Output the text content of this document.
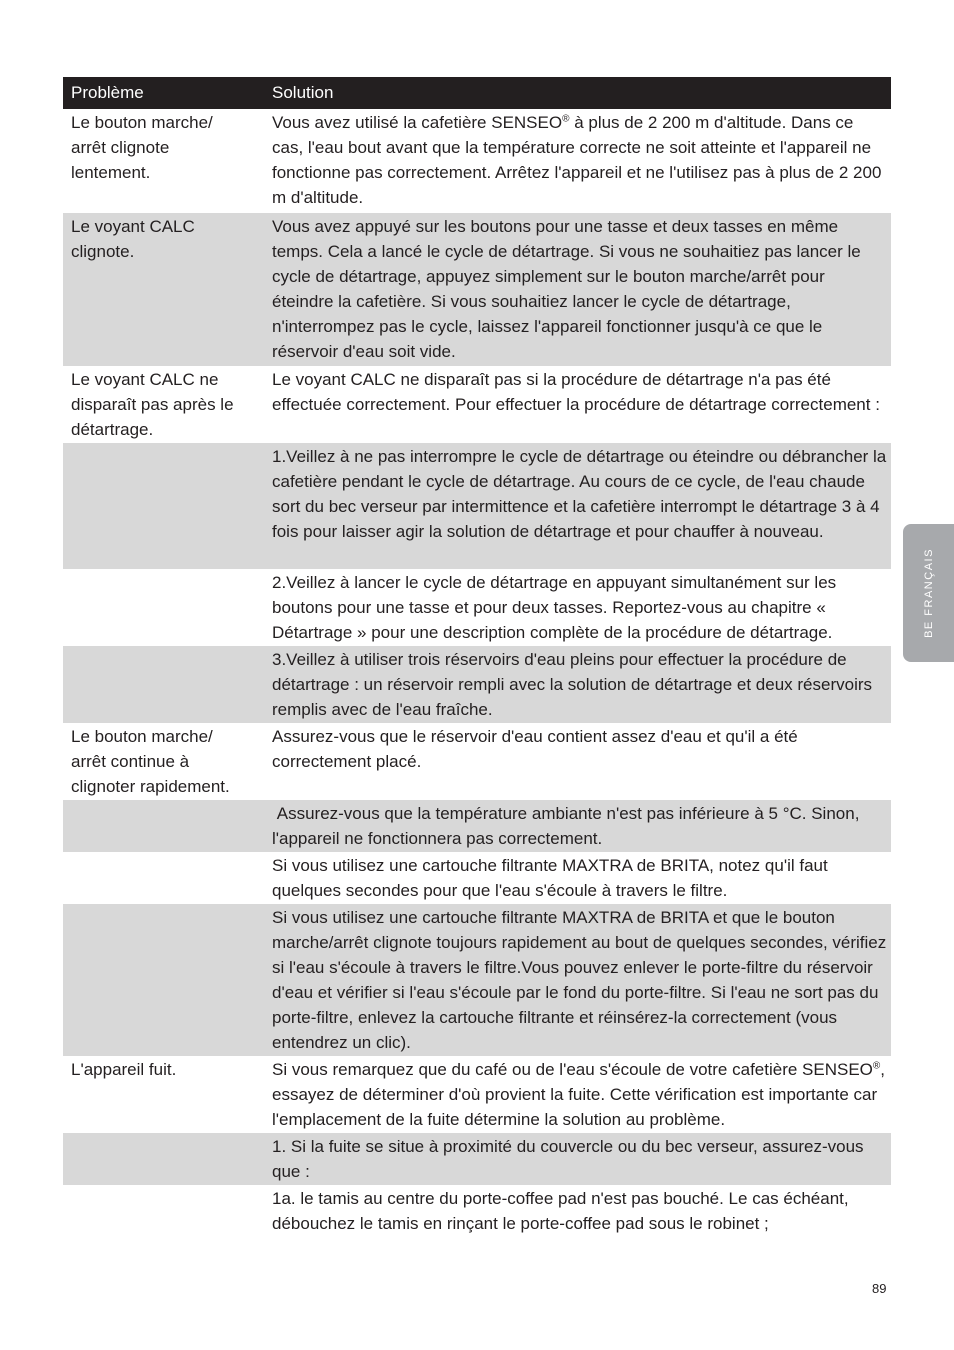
Problème	Solution

Le bouton marche/ arrêt clignote lentement.

Vous avez utilisé la cafetière SENSEO® à plus de 2 200 m d'altitude. Dans ce cas, l'eau bout avant que la température correcte ne soit atteinte et l'appareil ne fonctionne pas correctement. Arrêtez l'appareil et ne l'utilisez pas à plus de 2 200 m d'altitude.

Le voyant CALC clignote.

Vous avez appuyé sur les boutons pour une tasse et deux tasses en même temps. Cela a lancé le cycle de détartrage. Si vous ne souhaitiez pas lancer le cycle de détartrage, appuyez simplement sur le bouton marche/arrêt pour éteindre la cafetière. Si vous souhaitiez lancer le cycle de détartrage, n'interrompez pas le cycle, laissez l'appareil fonctionner jusqu'à ce que le réservoir d'eau soit vide.

Le voyant CALC ne disparaît pas après le détartrage.

Le voyant CALC ne disparaît pas si la procédure de détartrage n'a pas été effectuée correctement. Pour effectuer la procédure de détartrage correctement :
1.Veillez à ne pas interrompre le cycle de détartrage ou éteindre ou débrancher la cafetière pendant le cycle de détartrage. Au cours de ce cycle, de l'eau chaude sort du bec verseur par intermittence et la cafetière interrompt le détartrage 3 à 4 fois pour laisser agir la solution de détartrage et pour chauffer à nouveau.
2.Veillez à lancer le cycle de détartrage en appuyant simultanément sur les boutons pour une tasse et pour deux tasses. Reportez-vous au chapitre « Détartrage » pour une description complète de la procédure de détartrage.
3.Veillez à utiliser trois réservoirs d'eau pleins pour effectuer la procédure de détartrage : un réservoir rempli avec la solution de détartrage et deux réservoirs remplis avec de l'eau fraîche.

Le bouton marche/ arrêt continue à clignoter rapidement.

Assurez-vous que le réservoir d'eau contient assez d'eau et qu'il a été correctement placé.
Assurez-vous que la température ambiante n'est pas inférieure à 5 °C. Sinon, l'appareil ne fonctionnera pas correctement.
Si vous utilisez une cartouche filtrante MAXTRA de BRITA, notez qu'il faut quelques secondes pour que l'eau s'écoule à travers le filtre.
Si vous utilisez une cartouche filtrante MAXTRA de BRITA et que le bouton marche/arrêt clignote toujours rapidement au bout de quelques secondes, vérifiez si l'eau s'écoule à travers le filtre.Vous pouvez enlever le porte-filtre du réservoir d'eau et vérifier si l'eau s'écoule par le fond du porte-filtre. Si l'eau ne sort pas du porte-filtre, enlevez la cartouche filtrante et réinsérez-la correctement (vous entendrez un clic).
L'appareil fuit.	Si vous remarquez que du café ou de l'eau s'écoule de votre cafetière SENSEO®, essayez de déterminer d'où provient la fuite. Cette vérification est importante car l'emplacement de la fuite détermine la solution au problème.
1. Si la fuite se situe à proximité du couvercle ou du bec verseur, assurez-vous que :
1a. le tamis au centre du porte-coffee pad n'est pas bouché. Le cas échéant, débouchez le tamis en rinçant le porte-coffee pad sous le robinet ;
BE FRANÇAIS
89
